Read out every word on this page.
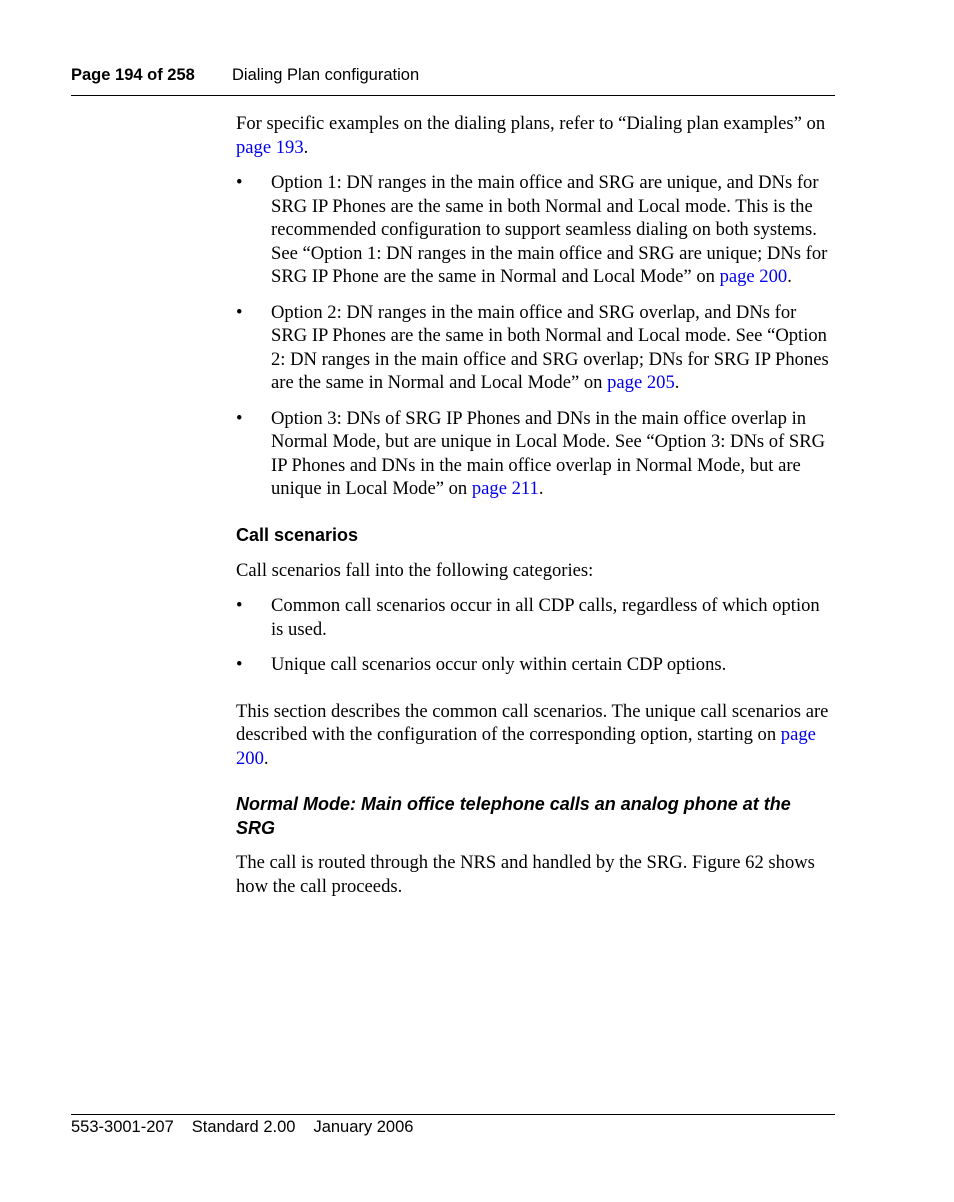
Page 194 of 258 Dialing Plan configuration

For specific examples on the dialing plans, refer to “Dialing plan examples” on page 193.

• Option 1: DN ranges in the main office and SRG are unique, and DNs for SRG IP Phones are the same in both Normal and Local mode. This is the recommended configuration to support seamless dialing on both systems. See “Option 1: DN ranges in the main office and SRG are unique; DNs for SRG IP Phone are the same in Normal and Local Mode” on page 200.
• Option 2: DN ranges in the main office and SRG overlap, and DNs for SRG IP Phones are the same in both Normal and Local mode. See “Option 2: DN ranges in the main office and SRG overlap; DNs for SRG IP Phones are the same in Normal and Local Mode” on page 205.
• Option 3: DNs of SRG IP Phones and DNs in the main office overlap in Normal Mode, but are unique in Local Mode. See “Option 3: DNs of SRG IP Phones and DNs in the main office overlap in Normal Mode, but are unique in Local Mode” on page 211.
Call scenarios

Call scenarios fall into the following categories:

• Common call scenarios occur in all CDP calls, regardless of which option is used.
• Unique call scenarios occur only within certain CDP options.

This section describes the common call scenarios. The unique call scenarios are described with the configuration of the corresponding option, starting on page 200.

Normal Mode: Main office telephone calls an analog phone at the SRG

The call is routed through the NRS and handled by the SRG. Figure 62 shows how the call proceeds.

553-3001-207 Standard 2.00 January 2006
